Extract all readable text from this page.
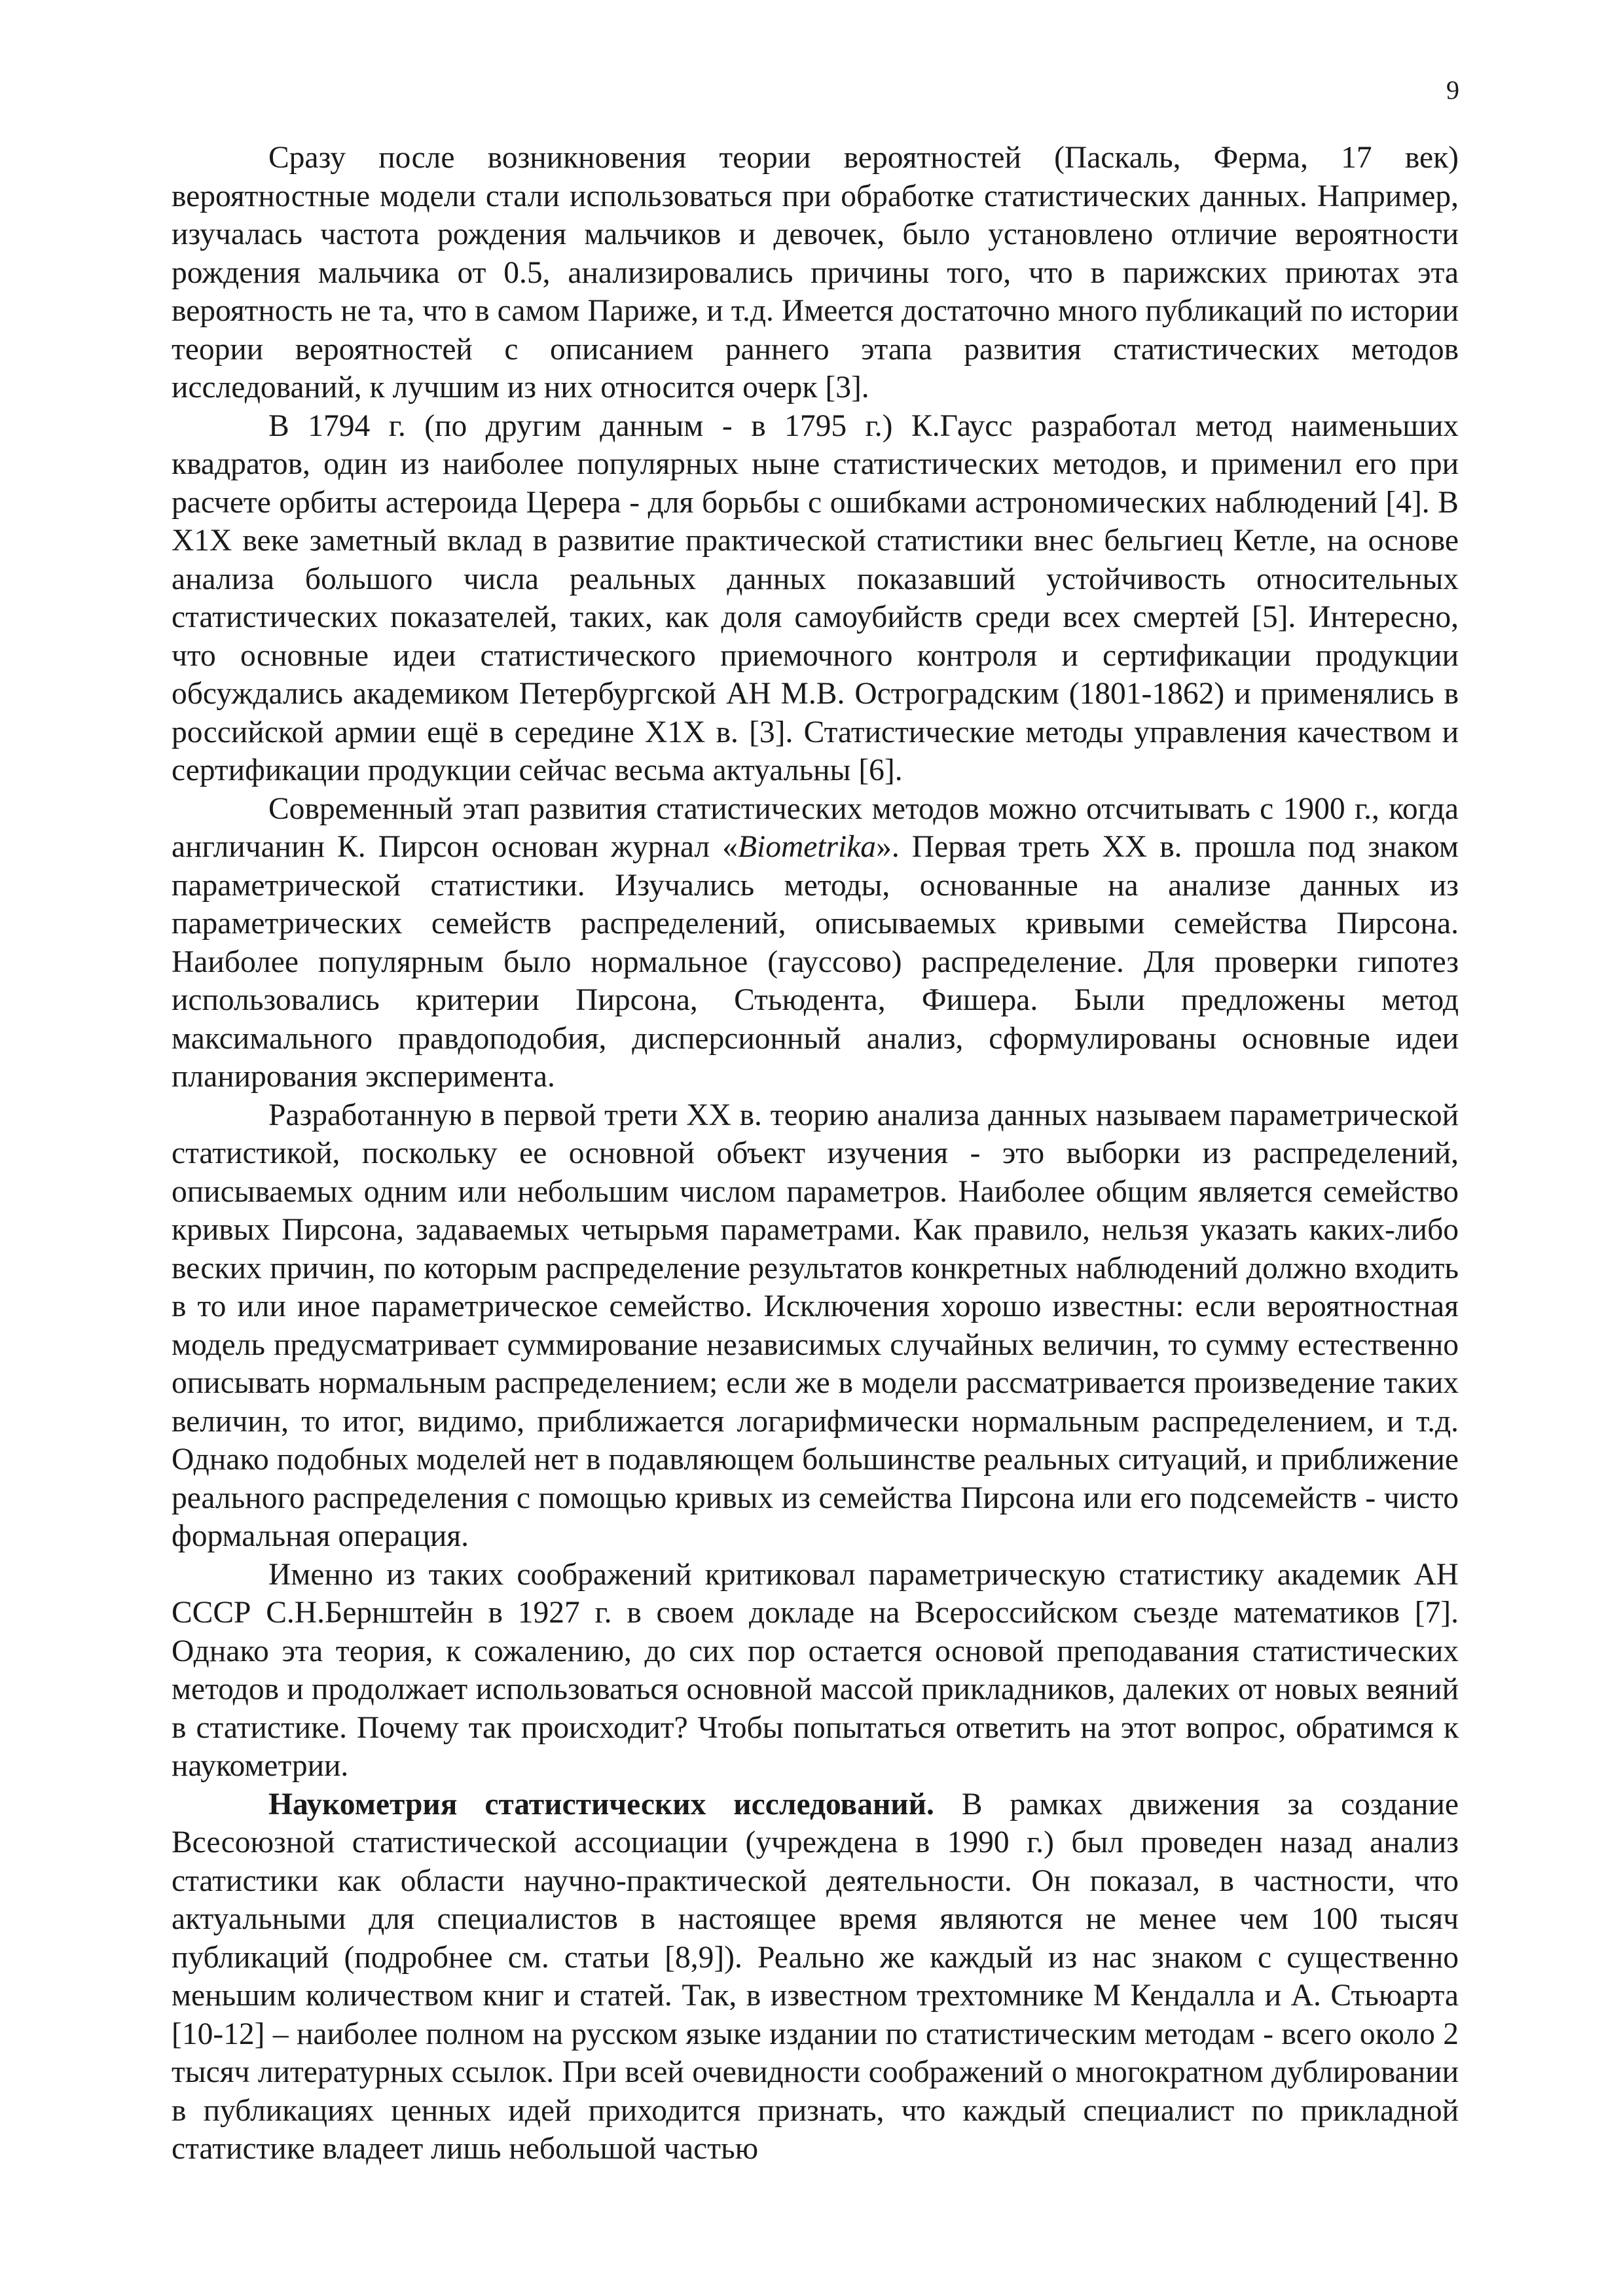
9

Сразу после возникновения теории вероятностей (Паскаль, Ферма, 17 век) вероятностные модели стали использоваться при обработке статистических данных. Например, изучалась частота рождения мальчиков и девочек, было установлено отличие вероятности рождения мальчика от 0.5, анализировались причины того, что в парижских приютах эта вероятность не та, что в самом Париже, и т.д. Имеется достаточно много публикаций по истории теории вероятностей с описанием раннего этапа развития статистических методов исследований, к лучшим из них относится очерк [3].

В 1794 г. (по другим данным - в 1795 г.) К.Гаусс разработал метод наименьших квадратов, один из наиболее популярных ныне статистических методов, и применил его при расчете орбиты астероида Церера - для борьбы с ошибками астрономических наблюдений [4]. В Х1Х веке заметный вклад в развитие практической статистики внес бельгиец Кетле, на основе анализа большого числа реальных данных показавший устойчивость относительных статистических показателей, таких, как доля самоубийств среди всех смертей [5]. Интересно, что основные идеи статистического приемочного контроля и сертификации продукции обсуждались академиком Петербургской АН М.В. Остроградским (1801-1862) и применялись в российской армии ещё в середине Х1Х в. [3]. Статистические методы управления качеством и сертификации продукции сейчас весьма актуальны [6].

Современный этап развития статистических методов можно отсчитывать с 1900 г., когда англичанин К. Пирсон основан журнал «Biometrika». Первая треть ХХ в. прошла под знаком параметрической статистики. Изучались методы, основанные на анализе данных из параметрических семейств распределений, описываемых кривыми семейства Пирсона. Наиболее популярным было нормальное (гауссово) распределение. Для проверки гипотез использовались критерии Пирсона, Стьюдента, Фишера. Были предложены метод максимального правдоподобия, дисперсионный анализ, сформулированы основные идеи планирования эксперимента.

Разработанную в первой трети ХХ в. теорию анализа данных называем параметрической статистикой, поскольку ее основной объект изучения - это выборки из распределений, описываемых одним или небольшим числом параметров. Наиболее общим является семейство кривых Пирсона, задаваемых четырьмя параметрами. Как правило, нельзя указать каких-либо веских причин, по которым распределение результатов конкретных наблюдений должно входить в то или иное параметрическое семейство. Исключения хорошо известны: если вероятностная модель предусматривает суммирование независимых случайных величин, то сумму естественно описывать нормальным распределением; если же в модели рассматривается произведение таких величин, то итог, видимо, приближается логарифмически нормальным распределением, и т.д. Однако подобных моделей нет в подавляющем большинстве реальных ситуаций, и приближение реального распределения с помощью кривых из семейства Пирсона или его подсемейств - чисто формальная операция.

Именно из таких соображений критиковал параметрическую статистику академик АН СССР С.Н.Бернштейн в 1927 г. в своем докладе на Всероссийском съезде математиков [7]. Однако эта теория, к сожалению, до сих пор остается основой преподавания статистических методов и продолжает использоваться основной массой прикладников, далеких от новых веяний в статистике. Почему так происходит? Чтобы попытаться ответить на этот вопрос, обратимся к наукометрии.

Наукометрия статистических исследований. В рамках движения за создание Всесоюзной статистической ассоциации (учреждена в 1990 г.) был проведен назад анализ статистики как области научно-практической деятельности. Он показал, в частности, что актуальными для специалистов в настоящее время являются не менее чем 100 тысяч публикаций (подробнее см. статьи [8,9]). Реально же каждый из нас знаком с существенно меньшим количеством книг и статей. Так, в известном трехтомнике М Кендалла и А. Стьюарта [10-12] – наиболее полном на русском языке издании по статистическим методам - всего около 2 тысяч литературных ссылок. При всей очевидности соображений о многократном дублировании в публикациях ценных идей приходится признать, что каждый специалист по прикладной статистике владеет лишь небольшой частью
